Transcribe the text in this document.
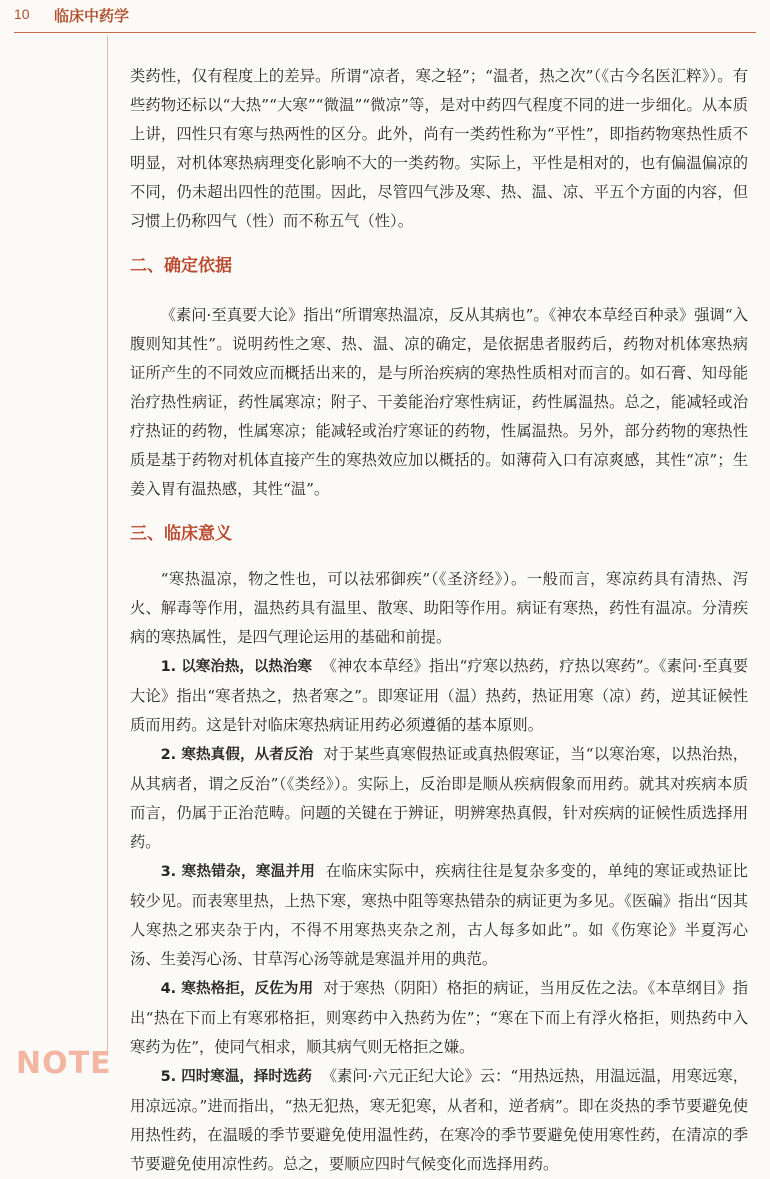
10 临床中药学

类药性，仅有程度上的差异。所谓“凉者，寒之轻”；“温者，热之次”（《古今名医汇粹》）。有些药物还标以“大热”“大寒”“微温”“微凉”等，是对中药四气程度不同的进一步细化。从本质上讲，四性只有寒与热两性的区分。此外，尚有一类药性称为“平性”，即指药物寒热性质不明显，对机体寒热病理变化影响不大的一类药物。实际上，平性是相对的，也有偏温偏凉的不同，仍未超出四性的范围。因此，尽管四气涉及寒、热、温、凉、平五个方面的内容，但习惯上仍称四气（性）而不称五气（性）。

二、确定依据

《素问·至真要大论》指出“所谓寒热温凉，反从其病也”。《神农本草经百种录》强调“入腹则知其性”。说明药性之寒、热、温、凉的确定，是依据患者服药后，药物对机体寒热病证所产生的不同效应而概括出来的，是与所治疾病的寒热性质相对而言的。如石膏、知母能治疗热性病证，药性属寒凉；附子、干姜能治疗寒性病证，药性属温热。总之，能减轻或治疗热证的药物，性属寒凉；能减轻或治疗寒证的药物，性属温热。另外，部分药物的寒热性质是基于药物对机体直接产生的寒热效应加以概括的。如薄荷入口有凉爽感，其性“凉”；生姜入胃有温热感，其性“温”。

三、临床意义

“寒热温凉，物之性也，可以祛邪御疾”（《圣济经》）。一般而言，寒凉药具有清热、泻火、解毒等作用，温热药具有温里、散寒、助阳等作用。病证有寒热，药性有温凉。分清疾病的寒热属性，是四气理论运用的基础和前提。

1. 以寒治热，以热治寒 《神农本草经》指出“疗寒以热药，疗热以寒药”。《素问·至真要大论》指出“寒者热之，热者寒之”。即寒证用（温）热药，热证用寒（凉）药，逆其证候性质而用药。这是针对临床寒热病证用药必须遵循的基本原则。

2. 寒热真假，从者反治 对于某些真寒假热证或真热假寒证，当“以寒治寒，以热治热，从其病者，谓之反治”（《类经》）。实际上，反治即是顺从疾病假象而用药。就其对疾病本质而言，仍属于正治范畴。问题的关键在于辨证，明辨寒热真假，针对疾病的证候性质选择用药。

3. 寒热错杂，寒温并用 在临床实际中，疾病往往是复杂多变的，单纯的寒证或热证比较少见。而表寒里热，上热下寒，寒热中阻等寒热错杂的病证更为多见。《医碥》指出“因其人寒热之邪夹杂于内，不得不用寒热夹杂之剂，古人每多如此”。如《伤寒论》半夏泻心汤、生姜泻心汤、甘草泻心汤等就是寒温并用的典范。

4. 寒热格拒，反佐为用 对于寒热（阴阳）格拒的病证，当用反佐之法。《本草纲目》指出“热在下而上有寒邪格拒，则寒药中入热药为佐”；“寒在下而上有浮火格拒，则热药中入寒药为佐”，使同气相求，顺其病气则无格拒之嫌。

5. 四时寒温，择时选药 《素问·六元正纪大论》云：“用热远热，用温远温，用寒远寒，用凉远凉。”进而指出，“热无犯热，寒无犯寒，从者和，逆者病”。即在炎热的季节要避免使用热性药，在温暖的季节要避免使用温性药，在寒冷的季节要避免使用寒性药，在清凉的季节要避免使用凉性药。总之，要顺应四时气候变化而选择用药。

NOTE
